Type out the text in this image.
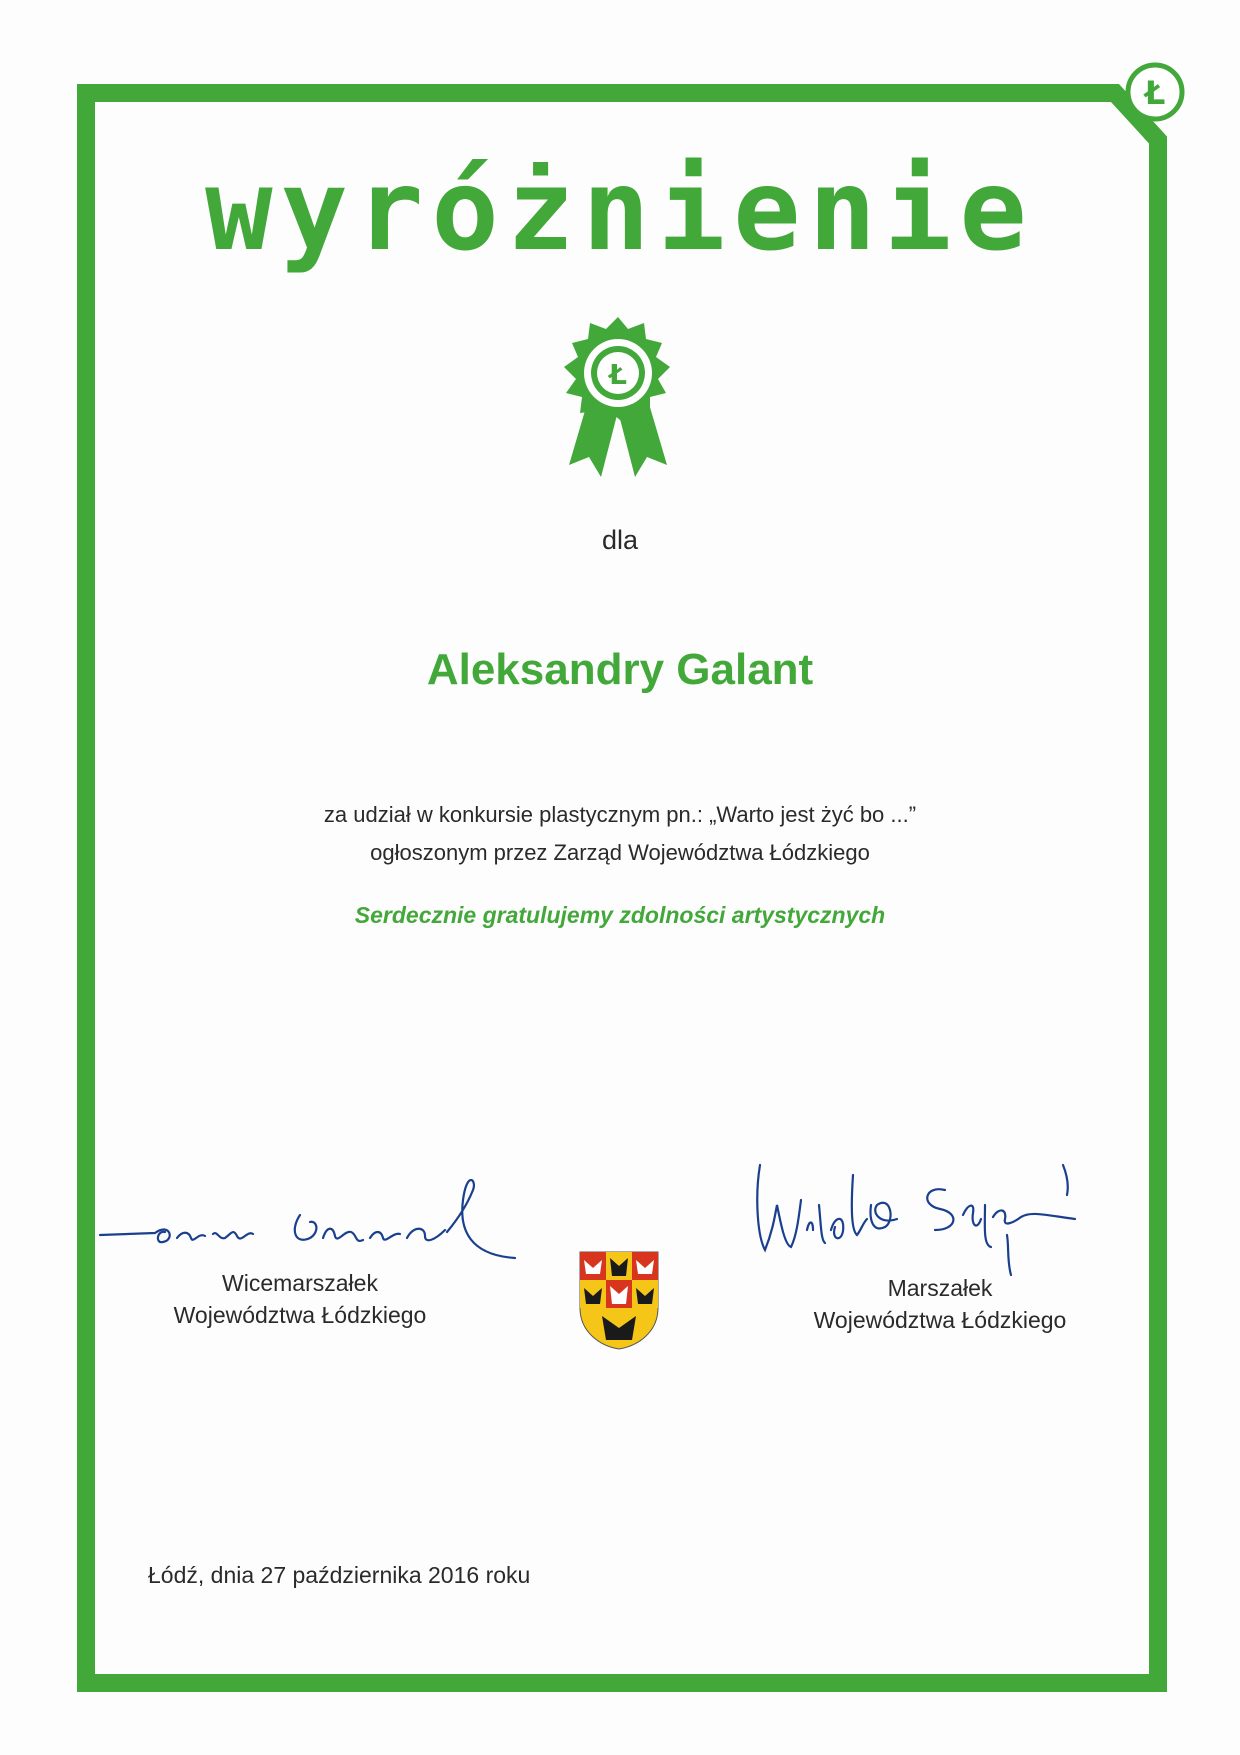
Ł
wyróżnienie
Ł
dla
Aleksandry Galant
za udział w konkursie plastycznym pn.: „Warto jest żyć bo ...”
ogłoszonym przez Zarząd Województwa Łódzkiego
Serdecznie gratulujemy zdolności artystycznych
Wicemarszałek
Województwa Łódzkiego
Marszałek
Województwa Łódzkiego
Łódź, dnia 27 października 2016 roku
